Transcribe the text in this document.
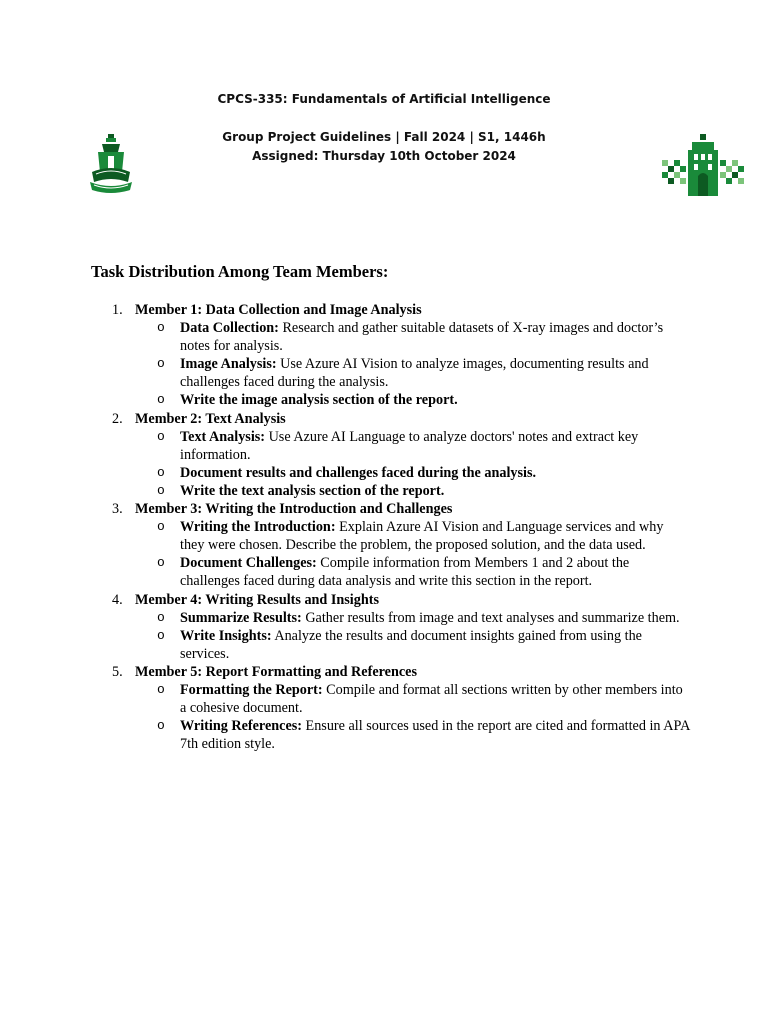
CPCS-335: Fundamentals of Artificial Intelligence
Group Project Guidelines | Fall 2024 | S1, 1446h
Assigned: Thursday 10th October 2024
Task Distribution Among Team Members:
1. Member 1: Data Collection and Image Analysis
o Data Collection: Research and gather suitable datasets of X-ray images and doctor’s notes for analysis.
o Image Analysis: Use Azure AI Vision to analyze images, documenting results and challenges faced during the analysis.
o Write the image analysis section of the report.
2. Member 2: Text Analysis
o Text Analysis: Use Azure AI Language to analyze doctors' notes and extract key information.
o Document results and challenges faced during the analysis.
o Write the text analysis section of the report.
3. Member 3: Writing the Introduction and Challenges
o Writing the Introduction: Explain Azure AI Vision and Language services and why they were chosen. Describe the problem, the proposed solution, and the data used.
o Document Challenges: Compile information from Members 1 and 2 about the challenges faced during data analysis and write this section in the report.
4. Member 4: Writing Results and Insights
o Summarize Results: Gather results from image and text analyses and summarize them.
o Write Insights: Analyze the results and document insights gained from using the services.
5. Member 5: Report Formatting and References
o Formatting the Report: Compile and format all sections written by other members into a cohesive document.
o Writing References: Ensure all sources used in the report are cited and formatted in APA 7th edition style.
